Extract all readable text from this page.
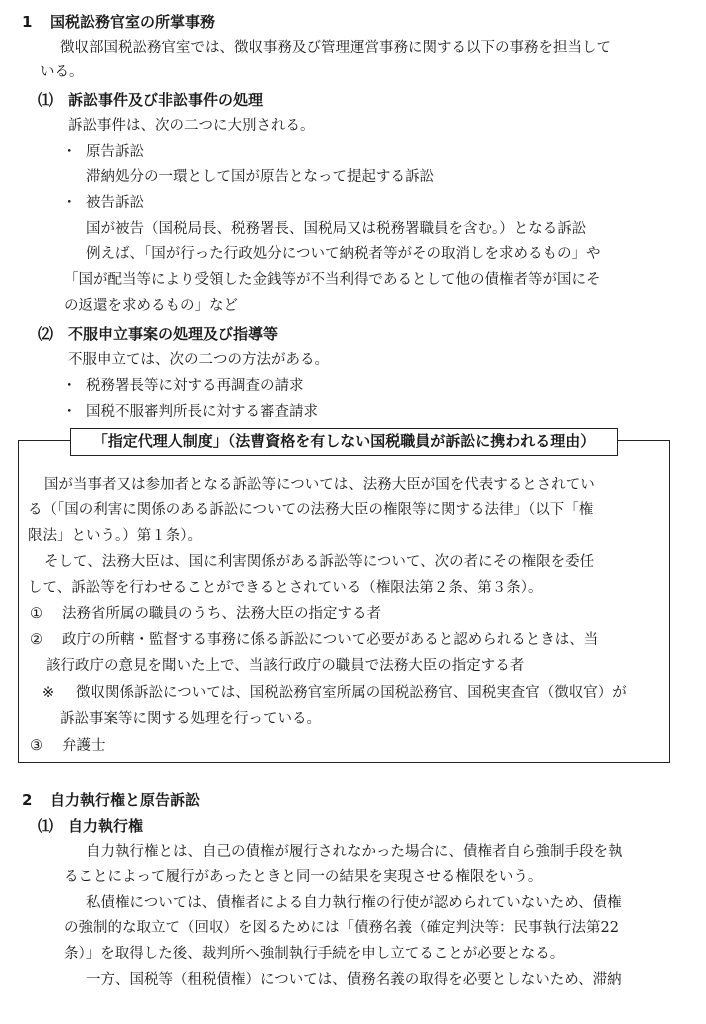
1 国税訟務官室の所掌事務
徴収部国税訟務官室では、徴収事務及び管理運営事務に関する以下の事務を担当して
いる。
⑴ 訴訟事件及び非訟事件の処理
訴訟事件は、次の二つに大別される。
・ 原告訴訟
滞納処分の一環として国が原告となって提起する訴訟
・ 被告訴訟
国が被告（国税局長、税務署長、国税局又は税務署職員を含む。）となる訴訟
例えば、「国が行った行政処分について納税者等がその取消しを求めるもの」や
「国が配当等により受領した金銭等が不当利得であるとして他の債権者等が国にそ
の返還を求めるもの」など
⑵ 不服申立事案の処理及び指導等
不服申立ては、次の二つの方法がある。
・ 税務署長等に対する再調査の請求
・ 国税不服審判所長に対する審査請求
「指定代理人制度」（法曹資格を有しない国税職員が訴訟に携われる理由）
国が当事者又は参加者となる訴訟等については、法務大臣が国を代表するとされてい
る（「国の利害に関係のある訴訟についての法務大臣の権限等に関する法律」（以下「権
限法」という。）第１条）。
そして、法務大臣は、国に利害関係がある訴訟等について、次の者にその権限を委任
して、訴訟等を行わせることができるとされている（権限法第２条、第３条）。
① 法務省所属の職員のうち、法務大臣の指定する者
② 政庁の所轄・監督する事務に係る訴訟について必要があると認められるときは、当
該行政庁の意見を聞いた上で、当該行政庁の職員で法務大臣の指定する者
※ 徴収関係訴訟については、国税訟務官室所属の国税訟務官、国税実査官（徴収官）が
訴訟事案等に関する処理を行っている。
③ 弁護士
2 自力執行権と原告訴訟
⑴ 自力執行権
自力執行権とは、自己の債権が履行されなかった場合に、債権者自ら強制手段を執
ることによって履行があったときと同一の結果を実現させる権限をいう。
私債権については、債権者による自力執行権の行使が認められていないため、債権
の強制的な取立て（回収）を図るためには「債務名義（確定判決等：民事執行法第22
条）」を取得した後、裁判所へ強制執行手続を申し立てることが必要となる。
一方、国税等（租税債権）については、債務名義の取得を必要としないため、滞納
